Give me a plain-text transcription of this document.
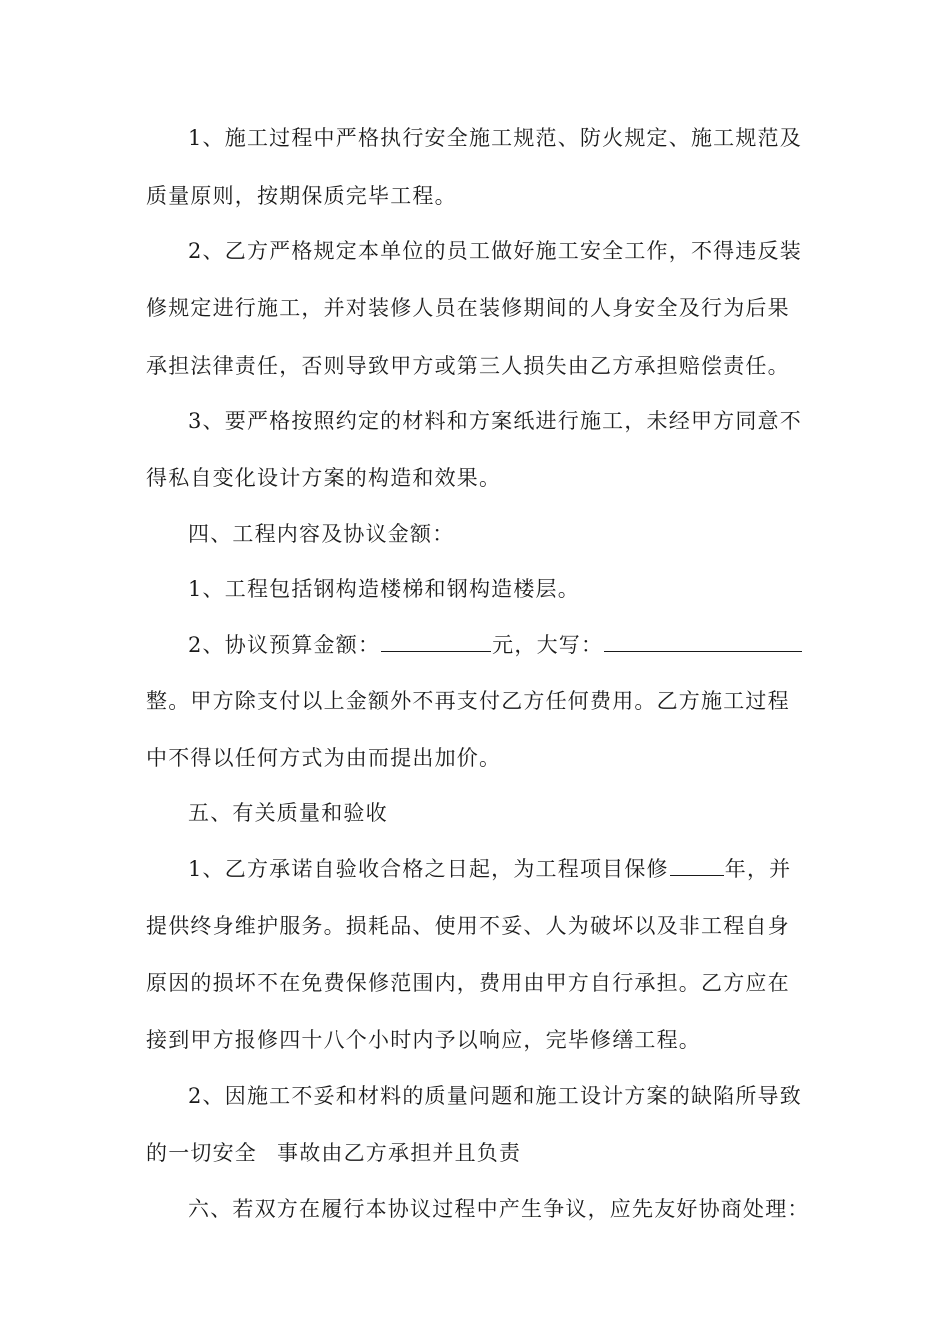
1、施工过程中严格执行安全施工规范、防火规定、施工规范及
质量原则，按期保质完毕工程。
2、乙方严格规定本单位的员工做好施工安全工作，不得违反装
修规定进行施工，并对装修人员在装修期间的人身安全及行为后果
承担法律责任，否则导致甲方或第三人损失由乙方承担赔偿责任。
3、要严格按照约定的材料和方案纸进行施工，未经甲方同意不
得私自变化设计方案的构造和效果。
四、工程内容及协议金额：
1、工程包括钢构造楼梯和钢构造楼层。
2、协议预算金额：	元，大写：
整。甲方除支付以上金额外不再支付乙方任何费用。乙方施工过程
中不得以任何方式为由而提出加价。
五、有关质量和验收
1、乙方承诺自验收合格之日起，为工程项目保修	年，并
提供终身维护服务。损耗品、使用不妥、人为破坏以及非工程自身
原因的损坏不在免费保修范围内，费用由甲方自行承担。乙方应在
接到甲方报修四十八个小时内予以响应，完毕修缮工程。
2、因施工不妥和材料的质量问题和施工设计方案的缺陷所导致
的一切安全 事故由乙方承担并且负责
六、若双方在履行本协议过程中产生争议，应先友好协商处理：
